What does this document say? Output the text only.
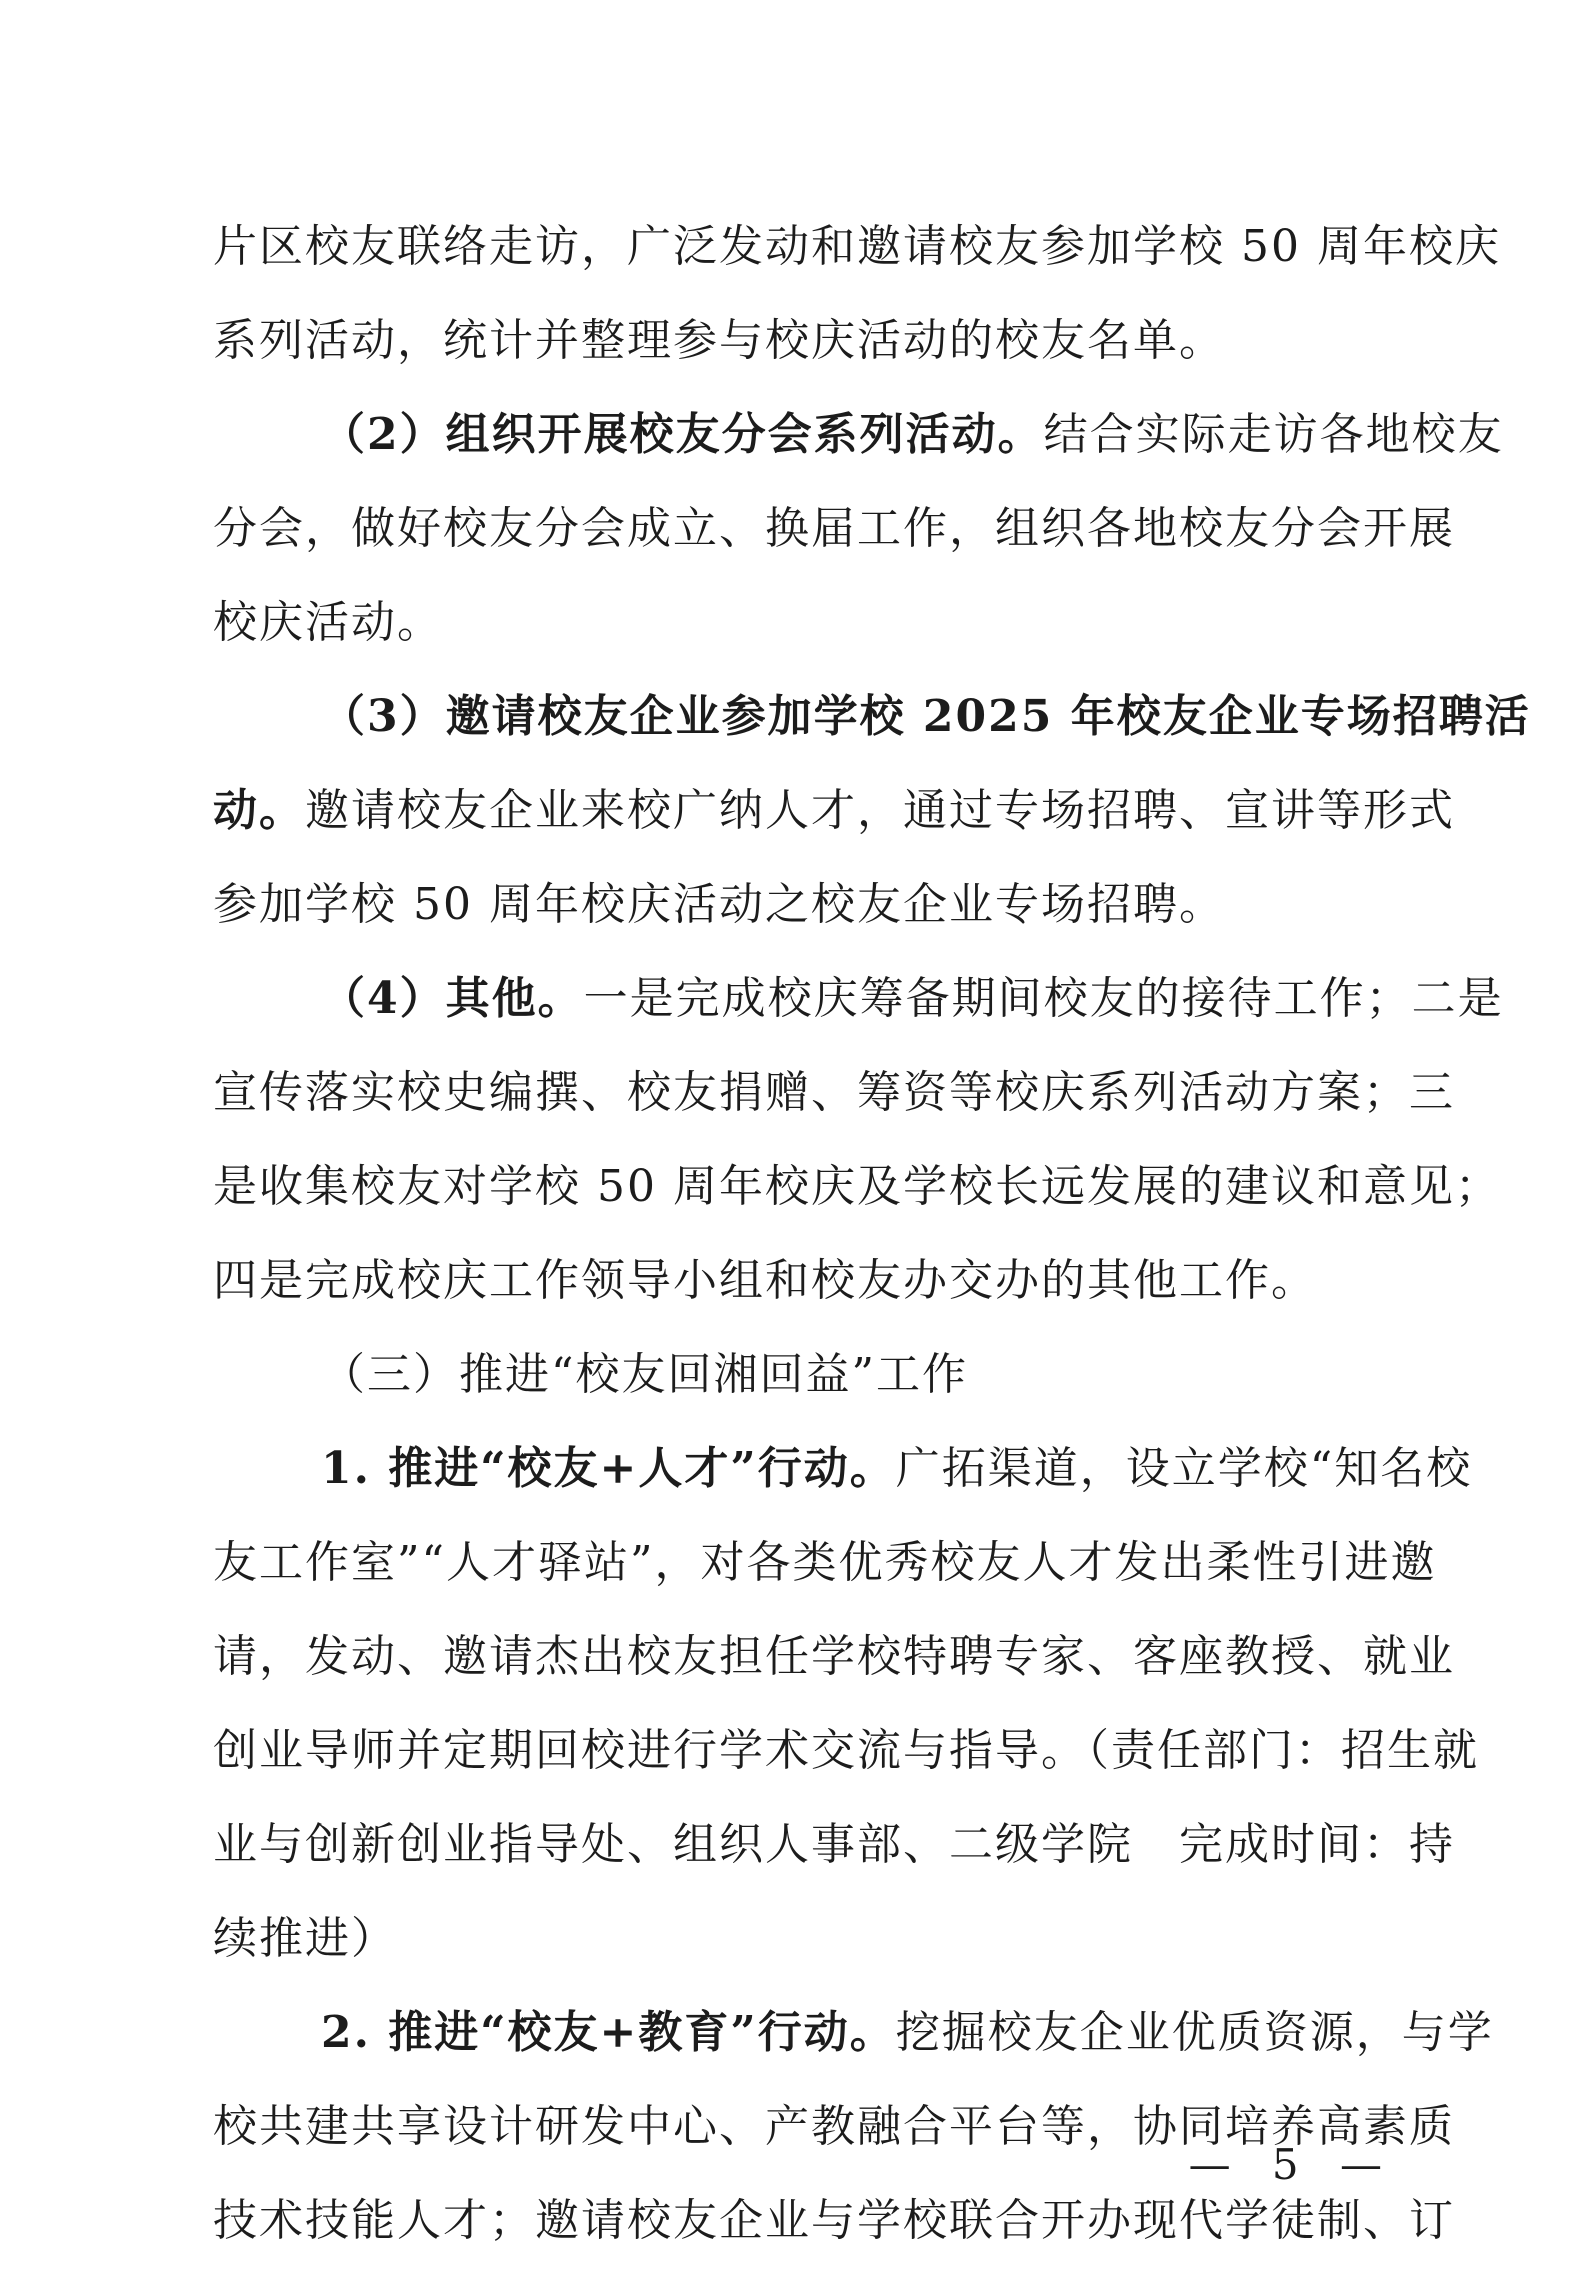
片区校友联络走访，广泛发动和邀请校友参加学校 50 周年校庆
系列活动，统计并整理参与校庆活动的校友名单。
（2）组织开展校友分会系列活动。结合实际走访各地校友
分会，做好校友分会成立、换届工作，组织各地校友分会开展
校庆活动。
（3）邀请校友企业参加学校 2025 年校友企业专场招聘活
动。邀请校友企业来校广纳人才，通过专场招聘、宣讲等形式
参加学校 50 周年校庆活动之校友企业专场招聘。
（4）其他。一是完成校庆筹备期间校友的接待工作；二是
宣传落实校史编撰、校友捐赠、筹资等校庆系列活动方案；三
是收集校友对学校 50 周年校庆及学校长远发展的建议和意见；
四是完成校庆工作领导小组和校友办交办的其他工作。
（三）推进“校友回湘回益”工作
1. 推进“校友+人才”行动。广拓渠道，设立学校“知名校
友工作室”“人才驿站”，对各类优秀校友人才发出柔性引进邀
请，发动、邀请杰出校友担任学校特聘专家、客座教授、就业
创业导师并定期回校进行学术交流与指导。（责任部门：招生就
业与创新创业指导处、组织人事部、二级学院　完成时间：持
续推进）
2. 推进“校友+教育”行动。挖掘校友企业优质资源，与学
校共建共享设计研发中心、产教融合平台等，协同培养高素质
技术技能人才；邀请校友企业与学校联合开办现代学徒制、订
— 5 —
